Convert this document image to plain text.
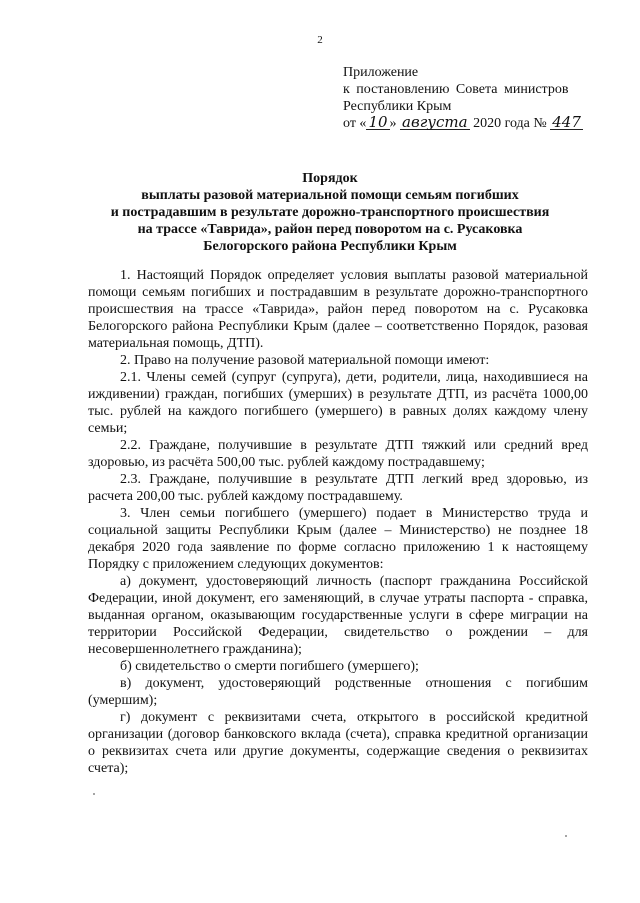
2
Приложение
к постановлению Совета министров
Республики Крым
от « 10 » августа 2020 года № 447
Порядок
выплаты разовой материальной помощи семьям погибших
и пострадавшим в результате дорожно-транспортного происшествия
на трассе «Таврида», район перед поворотом на с. Русаковка
Белогорского района Республики Крым

1. Настоящий Порядок определяет условия выплаты разовой материальной помощи семьям погибших и пострадавшим в результате дорожно-транспортного происшествия на трассе «Таврида», район перед поворотом на с. Русаковка Белогорского района Республики Крым (далее – соответственно Порядок, разовая материальная помощь, ДТП).

2. Право на получение разовой материальной помощи имеют:

2.1. Члены семей (супруг (супруга), дети, родители, лица, находившиеся на иждивении) граждан, погибших (умерших) в результате ДТП, из расчёта 1000,00 тыс. рублей на каждого погибшего (умершего) в равных долях каждому члену семьи;

2.2. Граждане, получившие в результате ДТП тяжкий или средний вред здоровью, из расчёта 500,00 тыс. рублей каждому пострадавшему;

2.3. Граждане, получившие в результате ДТП легкий вред здоровью, из расчета 200,00 тыс. рублей каждому пострадавшему.

3. Член семьи погибшего (умершего) подает в Министерство труда и социальной защиты Республики Крым (далее – Министерство) не позднее 18 декабря 2020 года заявление по форме согласно приложению 1 к настоящему Порядку с приложением следующих документов:

а) документ, удостоверяющий личность (паспорт гражданина Российской Федерации, иной документ, его заменяющий, в случае утраты паспорта - справка, выданная органом, оказывающим государственные услуги в сфере миграции на территории Российской Федерации, свидетельство о рождении – для несовершеннолетнего гражданина);

б) свидетельство о смерти погибшего (умершего);

в) документ, удостоверяющий родственные отношения с погибшим (умершим);

г) документ с реквизитами счета, открытого в российской кредитной организации (договор банковского вклада (счета), справка кредитной организации о реквизитах счета или другие документы, содержащие сведения о реквизитах счета);
